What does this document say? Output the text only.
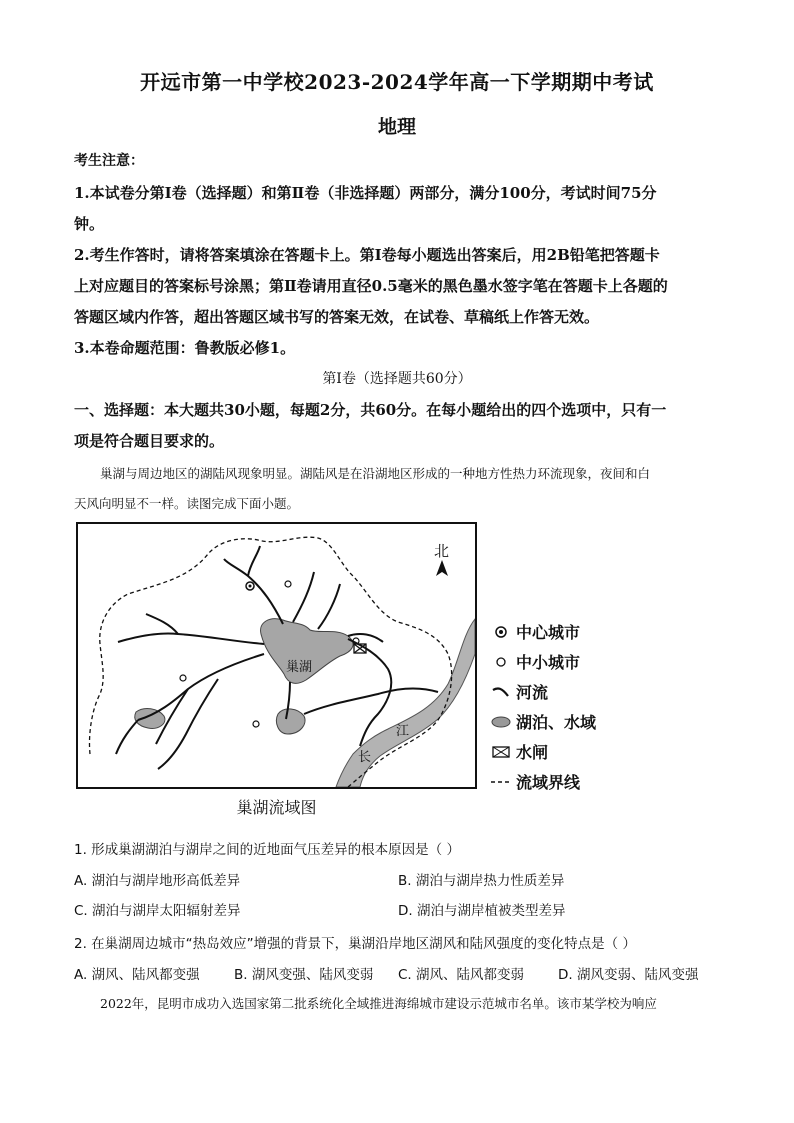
开远市第一中学校2023-2024学年高一下学期期中考试
地理
考生注意：
1.本试卷分第Ⅰ卷（选择题）和第Ⅱ卷（非选择题）两部分，满分100分，考试时间75分
钟。
2.考生作答时，请将答案填涂在答题卡上。第Ⅰ卷每小题选出答案后，用2B铅笔把答题卡
上对应题目的答案标号涂黑；第Ⅱ卷请用直径0.5毫米的黑色墨水签字笔在答题卡上各题的
答题区域内作答，超出答题区域书写的答案无效，在试卷、草稿纸上作答无效。
3.本卷命题范围：鲁教版必修1。
第Ⅰ卷（选择题共60分）
一、选择题：本大题共30小题，每题2分，共60分。在每小题给出的四个选项中，只有一
项是符合题目要求的。
巢湖与周边地区的湖陆风现象明显。湖陆风是在沿湖地区形成的一种地方性热力环流现象，夜间和白
天风向明显不一样。读图完成下面小题。
北
巢湖
江
长
巢湖流域图
中心城市
中小城市
河流
湖泊、水域
水闸
流域界线
1. 形成巢湖湖泊与湖岸之间的近地面气压差异的根本原因是（ ）
A. 湖泊与湖岸地形高低差异	B. 湖泊与湖岸热力性质差异
C. 湖泊与湖岸太阳辐射差异	D. 湖泊与湖岸植被类型差异
2. 在巢湖周边城市“热岛效应”增强的背景下，巢湖沿岸地区湖风和陆风强度的变化特点是（ ）
A. 湖风、陆风都变强	B. 湖风变强、陆风变弱 C. 湖风、陆风都变弱	D. 湖风变弱、陆风变强
2022年，昆明市成功入选国家第二批系统化全域推进海绵城市建设示范城市名单。该市某学校为响应
